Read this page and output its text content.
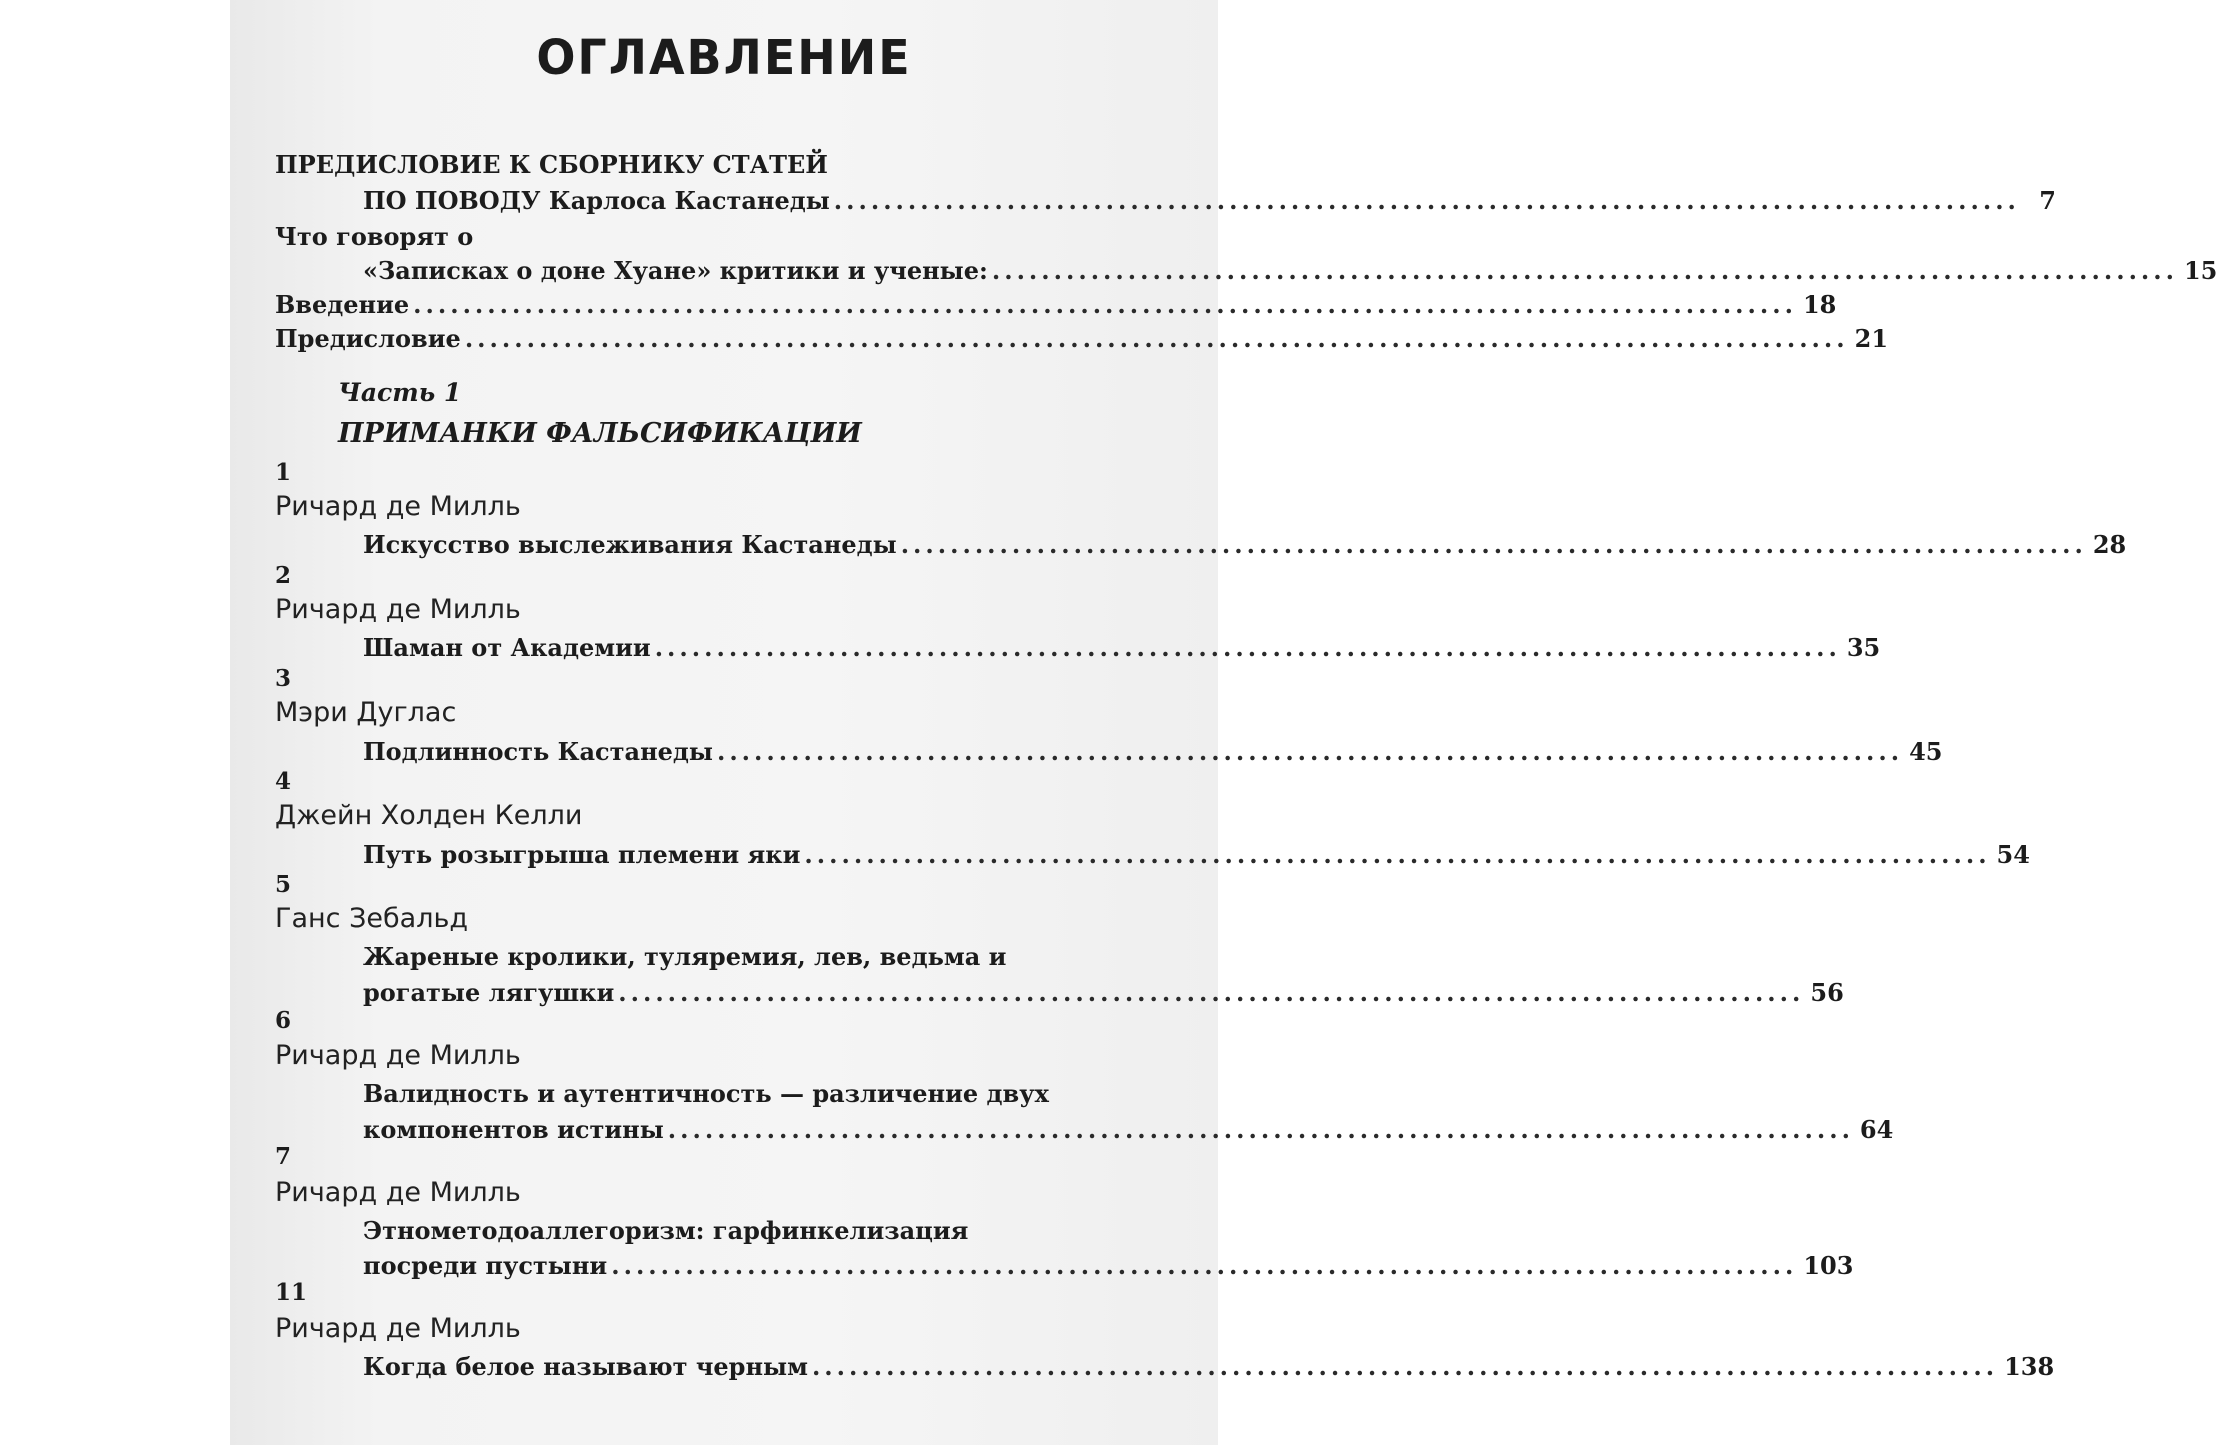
ОГЛАВЛЕНИЕ
ПРЕДИСЛОВИЕ К СБОРНИКУ СТАТЕЙ
ПО ПОВОДУ Карлоса Кастанеды ................................................................................................ 7
Что говорят о
«Записках о доне Хуане» критики и ученые: ................................................................................................ 15
Введение ................................................................................................................ 18
Предисловие ................................................................................................................ 21
Часть 1
ПРИМАНКИ ФАЛЬСИФИКАЦИИ
1
Ричард де Милль
Искусство выслеживания Кастанеды ................................................................................................ 28
2
Ричард де Милль
Шаман от Академии ................................................................................................ 35
3
Мэри Дуглас
Подлинность Кастанеды ................................................................................................ 45
4
Джейн Холден Келли
Путь розыгрыша племени яки ................................................................................................ 54
5
Ганс Зебальд
Жареные кролики, туляремия, лев, ведьма и
рогатые лягушки ................................................................................................ 56
6
Ричард де Милль
Валидность и аутентичность — различение двух
компонентов истины ................................................................................................ 64
7
Ричард де Милль
Этнометодоаллегоризм: гарфинкелизация
посреди пустыни ................................................................................................ 103
11
Ричард де Милль
Когда белое называют черным ................................................................................................ 138
